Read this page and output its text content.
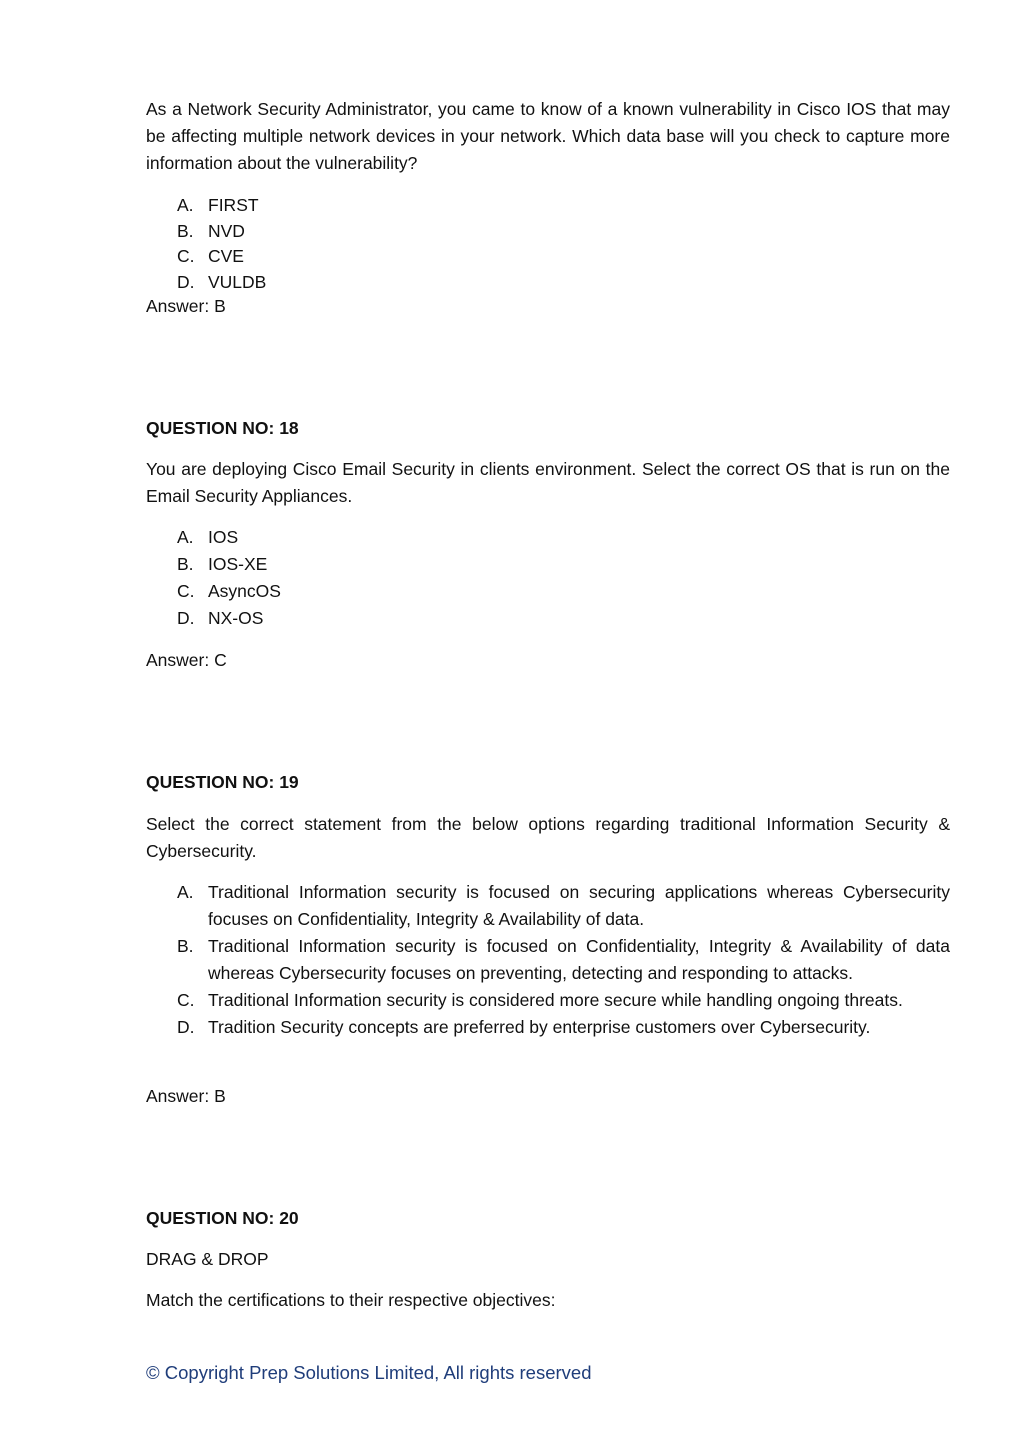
As a Network Security Administrator, you came to know of a known vulnerability in Cisco IOS that may be affecting multiple network devices in your network. Which data base will you check to capture more information about the vulnerability?

A. FIRST
B. NVD
C. CVE
D. VULDB

Answer: B

QUESTION NO: 18

You are deploying Cisco Email Security in clients environment. Select the correct OS that is run on the Email Security Appliances.

A. IOS
B. IOS-XE
C. AsyncOS
D. NX-OS

Answer: C

QUESTION NO: 19

Select the correct statement from the below options regarding traditional Information Security & Cybersecurity.

A. Traditional Information security is focused on securing applications whereas Cybersecurity focuses on Confidentiality, Integrity & Availability of data.
B. Traditional Information security is focused on Confidentiality, Integrity & Availability of data whereas Cybersecurity focuses on preventing, detecting and responding to attacks.
C. Traditional Information security is considered more secure while handling ongoing threats.
D. Tradition Security concepts are preferred by enterprise customers over Cybersecurity.

Answer: B

QUESTION NO: 20

DRAG & DROP

Match the certifications to their respective objectives:

© Copyright Prep Solutions Limited, All rights reserved
